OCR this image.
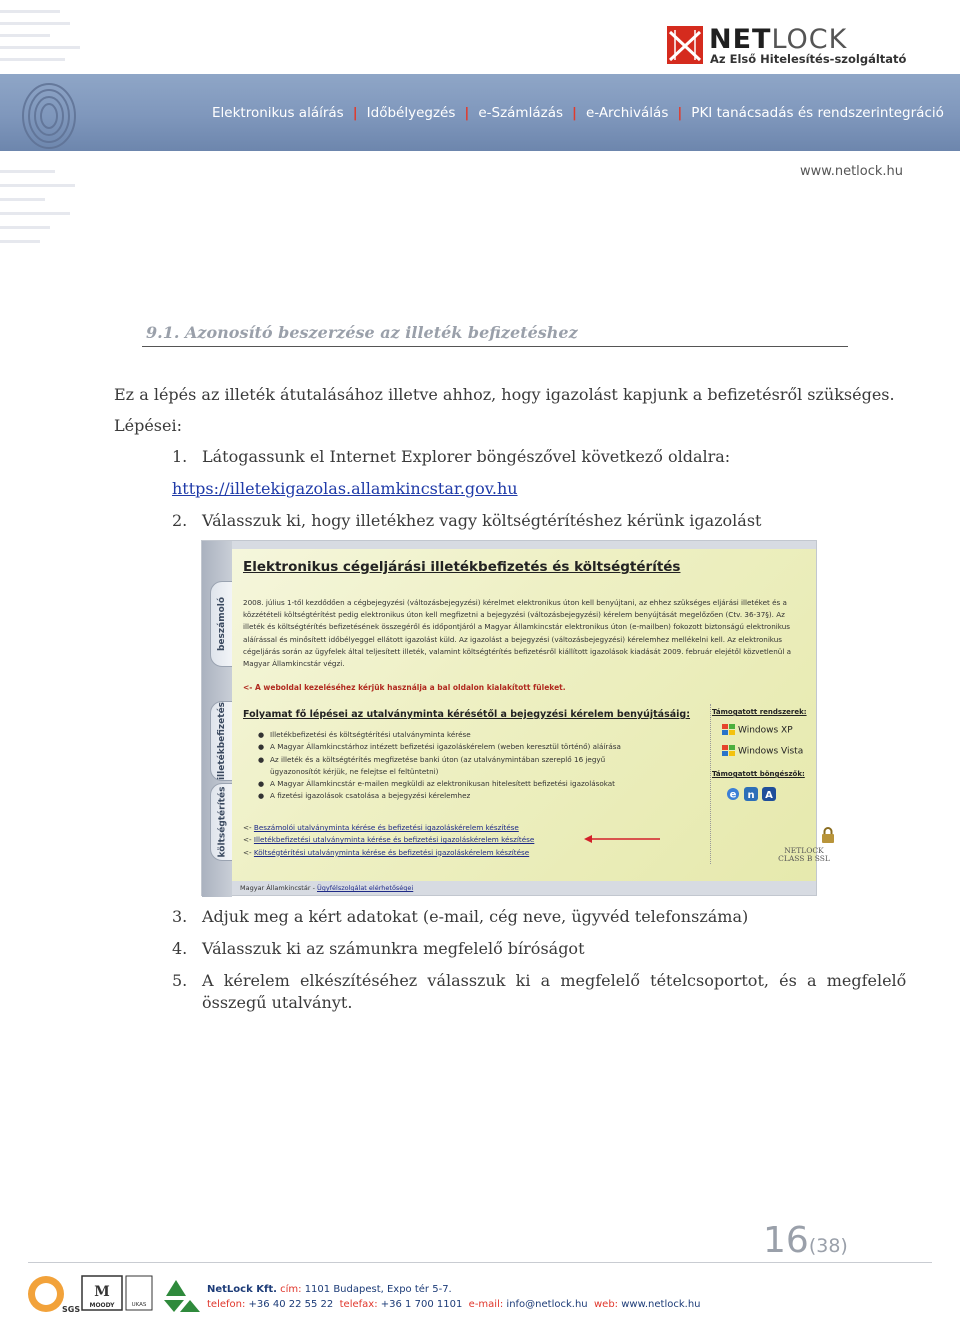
NETLOCK
Az Első Hitelesítés-szolgáltató
Elektronikus aláírás | Időbélyegzés | e-Számlázás | e-Archiválás | PKI tanácsadás és rendszerintegráció
www.netlock.hu
9.1. Azonosító beszerzése az illeték befizetéshez
Ez a lépés az illeték átutalásához illetve ahhoz, hogy igazolást kapjunk a befizetésről szükséges.
Lépései:
1. Látogassunk el Internet Explorer böngészővel következő oldalra:
https://illetekigazolas.allamkincstar.gov.hu
2. Válasszuk ki, hogy illetékhez vagy költségtérítéshez kérünk igazolást
beszámoló
illetékbefizetés
költségtérítés
Elektronikus cégeljárási illetékbefizetés és költségtérítés
2008. július 1-től kezdődően a cégbejegyzési (változásbejegyzési) kérelmet elektronikus úton kell benyújtani, az ehhez szükséges eljárási illetéket és a közzétételi költségtérítést pedig elektronikus úton kell megfizetni a bejegyzési (változásbejegyzési) kérelem benyújtását megelőzően (Ctv. 36-37§). Az illeték és költségtérítés befizetésének összegéről és időpontjáról a Magyar Államkincstár elektronikus úton (e-mailben) fokozott biztonságú elektronikus aláírással és minősített időbélyeggel ellátott igazolást küld. Az igazolást a bejegyzési (változásbejegyzési) kérelemhez mellékelni kell. Az elektronikus cégeljárás során az ügyfelek által teljesített illeték, valamint költségtérítés befizetésről kiállított igazolások kiadását 2009. február elejétől közvetlenül a Magyar Államkincstár végzi.
<- A weboldal kezeléséhez kérjük használja a bal oldalon kialakított füleket.
Folyamat fő lépései az utalványminta kérésétől a bejegyzési kérelem benyújtásáig:
● Illetékbefizetési és költségtérítési utalványminta kérése
● A Magyar Államkincstárhoz intézett befizetési igazoláskérelem (weben keresztül történő) aláírása
● Az illeték és a költségtérítés megfizetése banki úton (az utalványmintában szereplő 16 jegyű
ügyazonosítót kérjük, ne felejtse el feltüntetni)
● A Magyar Államkincstár e-mailen megküldi az elektronikusan hitelesített befizetési igazolásokat
● A fizetési igazolások csatolása a bejegyzési kérelemhez
<- Beszámolói utalványminta kérése és befizetési igazoláskérelem készítése
<- Illetékbefizetési utalványminta kérése és befizetési igazoláskérelem készítése
<- Költségtérítési utalványminta kérése és befizetési igazoláskérelem készítése
Támogatott rendszerek:
Windows XP
Windows Vista
Támogatott böngészők:
e n A
NETLOCK
CLASS B SSL
Magyar Államkincstár - Ügyfélszolgálat elérhetőségei
3. Adjuk meg a kért adatokat (e-mail, cég neve, ügyvéd telefonszáma)
4. Válasszuk ki az számunkra megfelelő bíróságot
5. A  kérelem  elkészítéséhez  válasszuk  ki  a  megfelelő  tételcsoportot,  és  a  megfelelő
összegű utalványt.
16(38)
SGS
M
MOODY	UKAS
NetLock Kft. cím: 1101 Budapest, Expo tér 5-7.
telefon: +36 40 22 55 22 telefax: +36 1 700 1101 e-mail: info@netlock.hu web: www.netlock.hu
